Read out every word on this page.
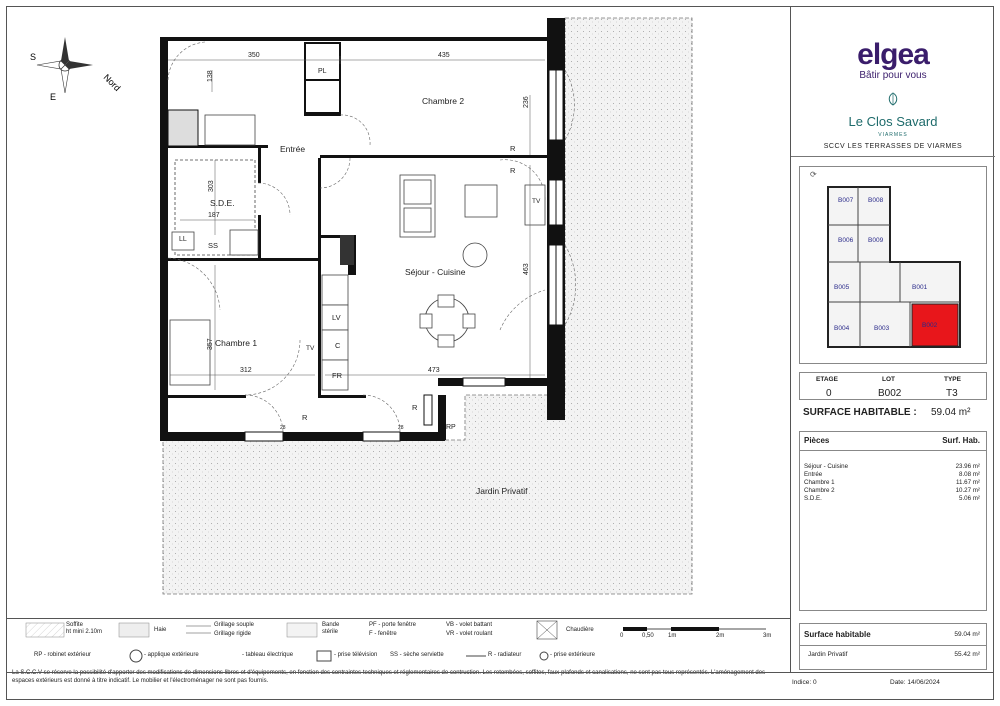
Nord
S
E
350	435
138
236
303
187
463
357
312	473
28	28
Chambre 2
Entrée
S.D.E.
Séjour - Cuisine
Chambre 1
Jardin Privatif
PL
LL
SS
LV
C
FR
TV
TV
R
R
R
R
RP
Soffite
ht mini 2.10m	Haie
Grillage souple
Grillage rigide
Bande
stérile
PF - porte fenêtre
F - fenêtre
VB - volet battant
VR - volet roulant
Chaudière
RP - robinet extérieur	- applique extérieure	- tableau électrique	- prise télévision SS - sèche serviette	R - radiateur	- prise extérieure
0	0,50 1m	2m	3m
La S.C.C.V se réserve la possibilité d'apporter des modifications de dimensions libres et d'équipements, en fonction des contraintes techniques et réglementaires de contruction. Les retombées, soffites, faux-plafonds et canalisations, ne sont pas tous représentés. L'aménagement des espaces extérieurs est donné à titre indicatif. Le mobilier et l'électroménager ne sont pas fournis.
elgea
Bâtir pour vous
Le Clos Savard
VIARMES
SCCV LES TERRASSES DE VIARMES
⟳
B007 B008
B006 B009
B005	B001
B004	B003	B002
ETAGE	LOT	TYPE
0	B002	T3
SURFACE HABITABLE : 59.04 m²
Pièces	Surf. Hab.
Séjour - Cuisine	23.96 m²
Entrée	8.08 m²
Chambre 1	11.67 m²
Chambre 2	10.27 m²
S.D.E.	5.06 m²
Surface habitable	59.04 m²
Jardin Privatif	55.42 m²
Indice: 0	Date: 14/06/2024
